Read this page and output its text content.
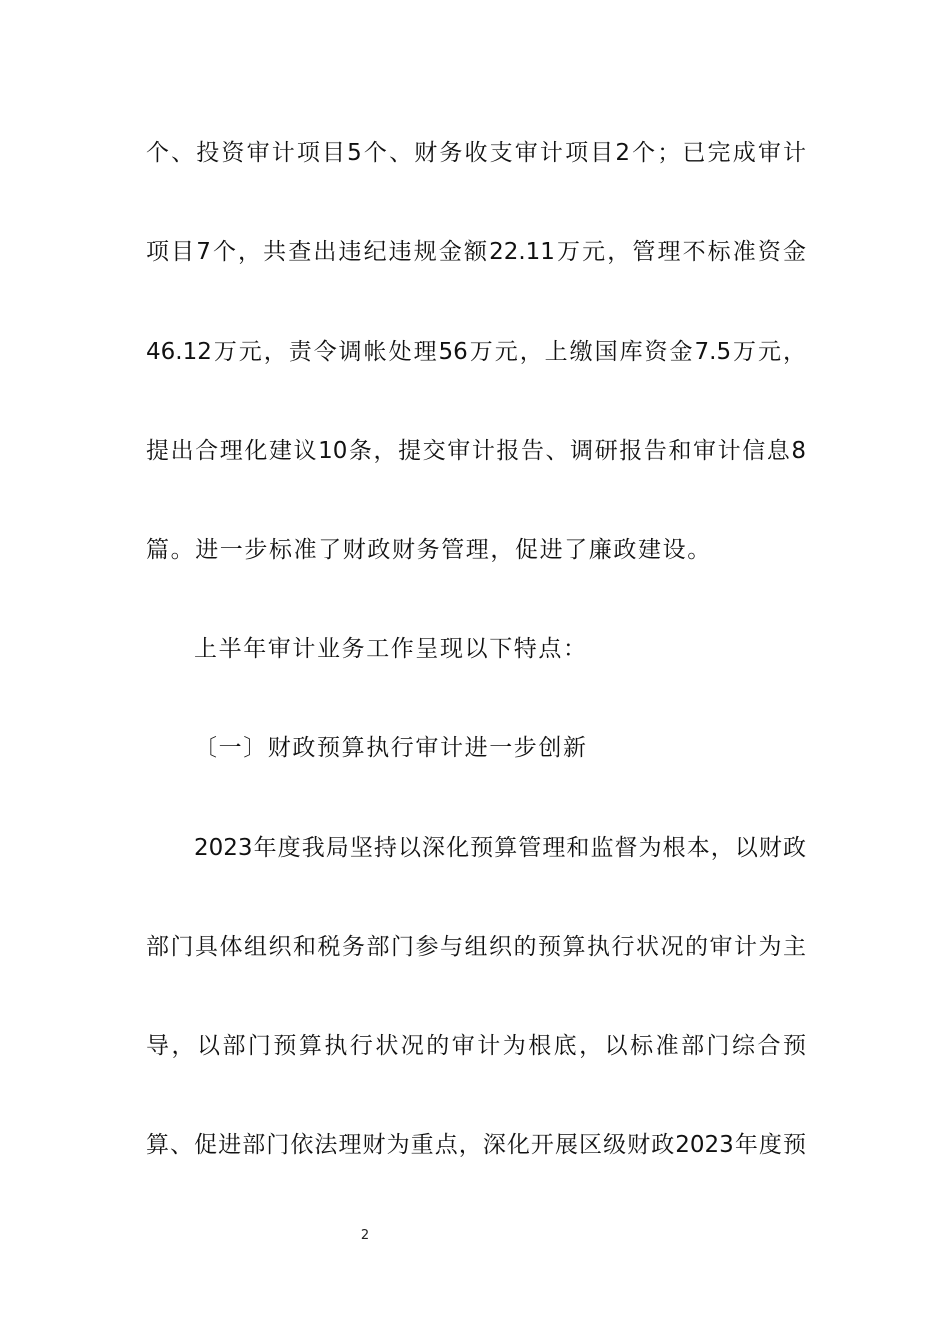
个、投资审计项目5个、财务收支审计项目2个；已完成审计
项目7个，共查出违纪违规金额22.11万元，管理不标准资金
46.12万元，责令调帐处理56万元，上缴国库资金7.5万元，
提出合理化建议10条，提交审计报告、调研报告和审计信息8
篇。进一步标准了财政财务管理，促进了廉政建设。
上半年审计业务工作呈现以下特点：
〔一〕财政预算执行审计进一步创新
2023年度我局坚持以深化预算管理和监督为根本，以财政
部门具体组织和税务部门参与组织的预算执行状况的审计为主
导，以部门预算执行状况的审计为根底，以标准部门综合预
算、促进部门依法理财为重点，深化开展区级财政2023年度预
2
